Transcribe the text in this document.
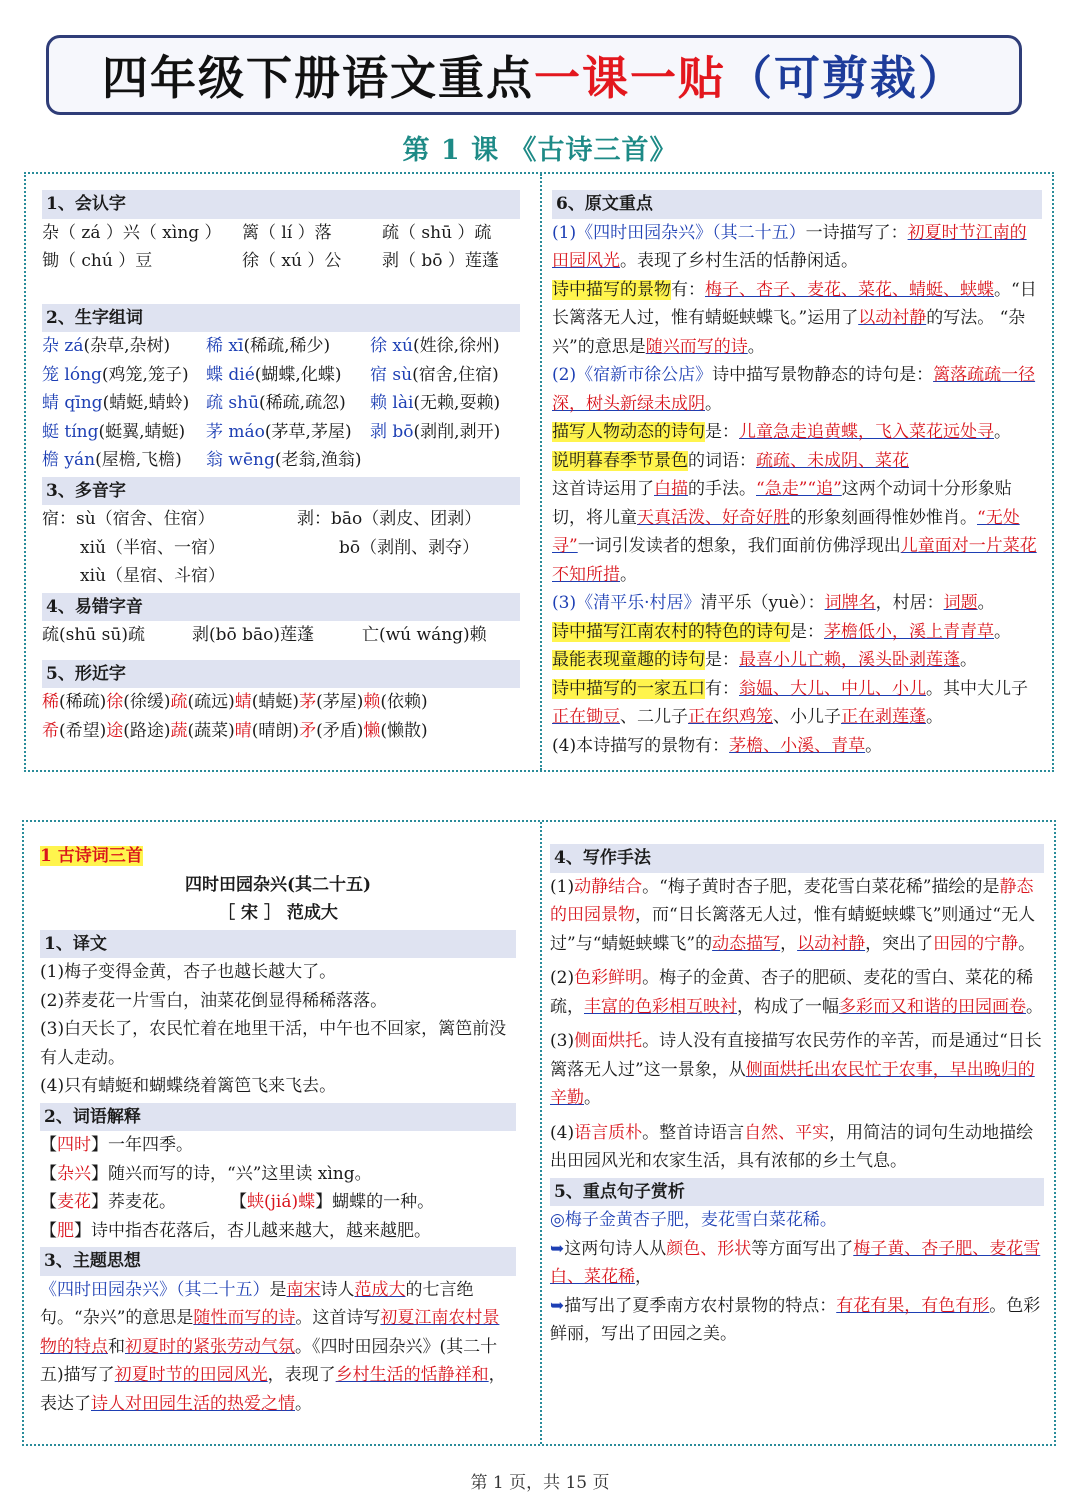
四年级下册语文重点 一课一贴 （可剪裁）
第 1 课 《古诗三首》
1、会认字
杂（ zá ）兴（ xìng ） 篱（ lí ）落	疏（ shū ）疏
锄（ chú ）豆	徐（ xú ）公 剥（ bō ）莲蓬
2、生字组词
杂 zá(杂草,杂树) 稀 xī(稀疏,稀少) 徐 xú(姓徐,徐州)
笼 lóng(鸡笼,笼子) 蝶 dié(蝴蝶,化蝶) 宿 sù(宿舍,住宿)
蜻 qīng(蜻蜓,蜻蛉) 疏 shū(稀疏,疏忽) 赖 lài(无赖,耍赖)
蜓 tíng(蜓翼,蜻蜓) 茅 máo(茅草,茅屋) 剥 bō(剥削,剥开)
檐 yán(屋檐,飞檐) 翁 wēng(老翁,渔翁)
3、多音字
宿：sù（宿舍、住宿）	剥：bāo（剥皮、团剥）
xiǔ（半宿、一宿）	bō（剥削、剥夺）
xiù（星宿、斗宿）
4、易错字音
疏(shū sū)疏	剥(bō bāo)莲蓬	亡(wú wáng)赖
5、形近字
稀(稀疏)徐(徐缓)疏(疏远)蜻(蜻蜓)茅(茅屋)赖(依赖)
希(希望)途(路途)蔬(蔬菜)晴(晴朗)矛(矛盾)懒(懒散)
6、原文重点
(1)《四时田园杂兴》（其二十五）一诗描写了：初夏时节江南的田园风光。表现了乡村生活的恬静闲适。
诗中描写的景物有：梅子、杏子、麦花、菜花、蜻蜓、蛱蝶。“日长篱落无人过，惟有蜻蜓蛱蝶飞。”运用了以动衬静的写法。 “杂兴”的意思是随兴而写的诗。
(2)《宿新市徐公店》诗中描写景物静态的诗句是：篱落疏疏一径深，树头新绿未成阴。
描写人物动态的诗句是：儿童急走追黄蝶，飞入菜花远处寻。
说明暮春季节景色的词语：疏疏、未成阴、菜花
这首诗运用了白描的手法。“急走”“追”这两个动词十分形象贴切，将儿童天真活泼、好奇好胜的形象刻画得惟妙惟肖。“无处寻”一词引发读者的想象，我们面前仿佛浮现出儿童面对一片菜花不知所措。
(3)《清平乐·村居》清平乐（yuè）：词牌名，村居：词题。
诗中描写江南农村的特色的诗句是：茅檐低小，溪上青青草。
最能表现童趣的诗句是：最喜小儿亡赖，溪头卧剥莲蓬。
诗中描写的一家五口有：翁媪、大儿、中儿、小儿。其中大儿子正在锄豆、二儿子正在织鸡笼、小儿子正在剥莲蓬。
(4)本诗描写的景物有：茅檐、小溪、青草。
1 古诗词三首
四时田园杂兴(其二十五)
［ 宋 ］ 范成大
1、译文
(1)梅子变得金黄，杏子也越长越大了。
(2)荞麦花一片雪白，油菜花倒显得稀稀落落。
(3)白天长了，农民忙着在地里干活，中午也不回家，篱笆前没有人走动。
(4)只有蜻蜓和蝴蝶绕着篱笆飞来飞去。
2、词语解释
【四时】一年四季。
【杂兴】随兴而写的诗，“兴”这里读 xìng。
【麦花】荞麦花。	【蛱(jiá)蝶】蝴蝶的一种。
【肥】诗中指杏花落后，杏儿越来越大，越来越肥。
3、主题思想
《四时田园杂兴》（其二十五）是南宋诗人范成大的七言绝句。“杂兴”的意思是随性而写的诗。这首诗写初夏江南农村景物的特点和初夏时的紧张劳动气氛。《四时田园杂兴》(其二十五)描写了初夏时节的田园风光，表现了乡村生活的恬静祥和，表达了诗人对田园生活的热爱之情。
4、写作手法
(1)动静结合。“梅子黄时杏子肥，麦花雪白菜花稀”描绘的是静态的田园景物，而“日长篱落无人过，惟有蜻蜓蛱蝶飞”则通过“无人过”与“蜻蜓蛱蝶飞”的动态描写，以动衬静，突出了田园的宁静。
(2)色彩鲜明。梅子的金黄、杏子的肥硕、麦花的雪白、菜花的稀疏，丰富的色彩相互映衬，构成了一幅多彩而又和谐的田园画卷。
(3)侧面烘托。诗人没有直接描写农民劳作的辛苦，而是通过“日长篱落无人过”这一景象，从侧面烘托出农民忙于农事，早出晚归的辛勤。
(4)语言质朴。整首诗语言自然、平实，用简洁的词句生动地描绘出田园风光和农家生活，具有浓郁的乡土气息。
5、重点句子赏析
◎梅子金黄杏子肥，麦花雪白菜花稀。
➥这两句诗人从颜色、形状等方面写出了梅子黄、杏子肥、麦花雪白、菜花稀，
➥描写出了夏季南方农村景物的特点：有花有果，有色有形。色彩鲜丽，写出了田园之美。
第 1 页，共 15 页
